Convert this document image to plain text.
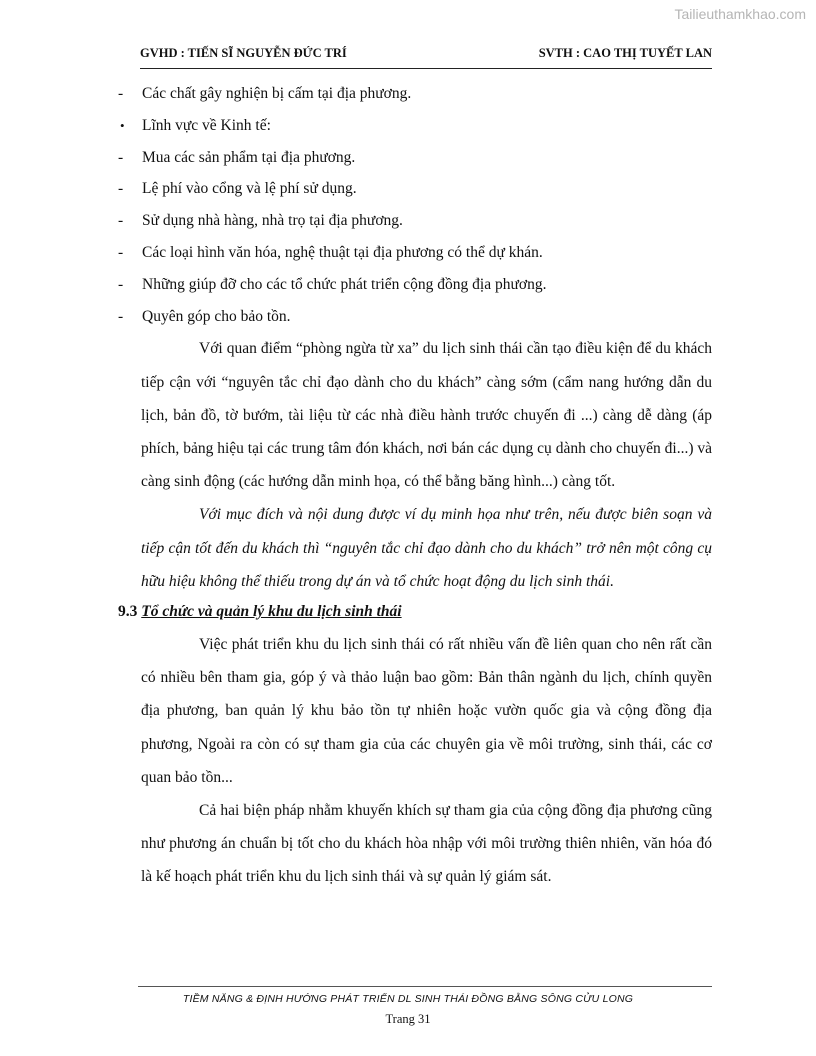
Tailieuthamkhao.com
GVHD : TIẾN SĨ NGUYỄN ĐỨC TRÍ	SVTH : CAO THỊ TUYẾT LAN
- Các chất gây nghiện bị cấm tại địa phương.
• Lĩnh vực về Kinh tế:
- Mua các sản phẩm tại địa phương.
- Lệ phí vào cổng và lệ phí sử dụng.
- Sử dụng nhà hàng, nhà trọ tại địa phương.
- Các loại hình văn hóa, nghệ thuật tại địa phương có thể dự khán.
- Những giúp đỡ cho các tổ chức phát triển cộng đồng địa phương.
- Quyên góp cho bảo tồn.

Với quan điểm “phòng ngừa từ xa” du lịch sinh thái cần tạo điều kiện để du khách tiếp cận với “nguyên tắc chỉ đạo dành cho du khách” càng sớm (cẩm nang hướng dẫn du lịch, bản đồ, tờ bướm, tài liệu từ các nhà điều hành trước chuyến đi ...) càng dễ dàng (áp phích, bảng hiệu tại các trung tâm đón khách, nơi bán các dụng cụ dành cho chuyến đi...) và càng sinh động (các hướng dẫn minh họa, có thể bằng băng hình...) càng tốt.

Với mục đích và nội dung được ví dụ minh họa như trên, nếu được biên soạn và tiếp cận tốt đến du khách thì “nguyên tắc chỉ đạo dành cho du khách” trở nên một công cụ hữu hiệu không thể thiếu trong dự án và tổ chức hoạt động du lịch sinh thái.

9.3 Tổ chức và quản lý khu du lịch sinh thái

Việc phát triển khu du lịch sinh thái có rất nhiều vấn đề liên quan cho nên rất cần có nhiều bên tham gia, góp ý và thảo luận bao gồm: Bản thân ngành du lịch, chính quyền địa phương, ban quản lý khu bảo tồn tự nhiên hoặc vườn quốc gia và cộng đồng địa phương, Ngoài ra còn có sự tham gia của các chuyên gia về môi trường, sinh thái, các cơ quan bảo tồn...

Cả hai biện pháp nhằm khuyến khích sự tham gia của cộng đồng địa phương cũng như phương án chuẩn bị tốt cho du khách hòa nhập với môi trường thiên nhiên, văn hóa đó là kế hoạch phát triển khu du lịch sinh thái và sự quản lý giám sát.

TIỀM NĂNG & ĐỊNH HƯỚNG PHÁT TRIỂN DL SINH THÁI ĐỒNG BẰNG SÔNG CỬU LONG
Trang 31
